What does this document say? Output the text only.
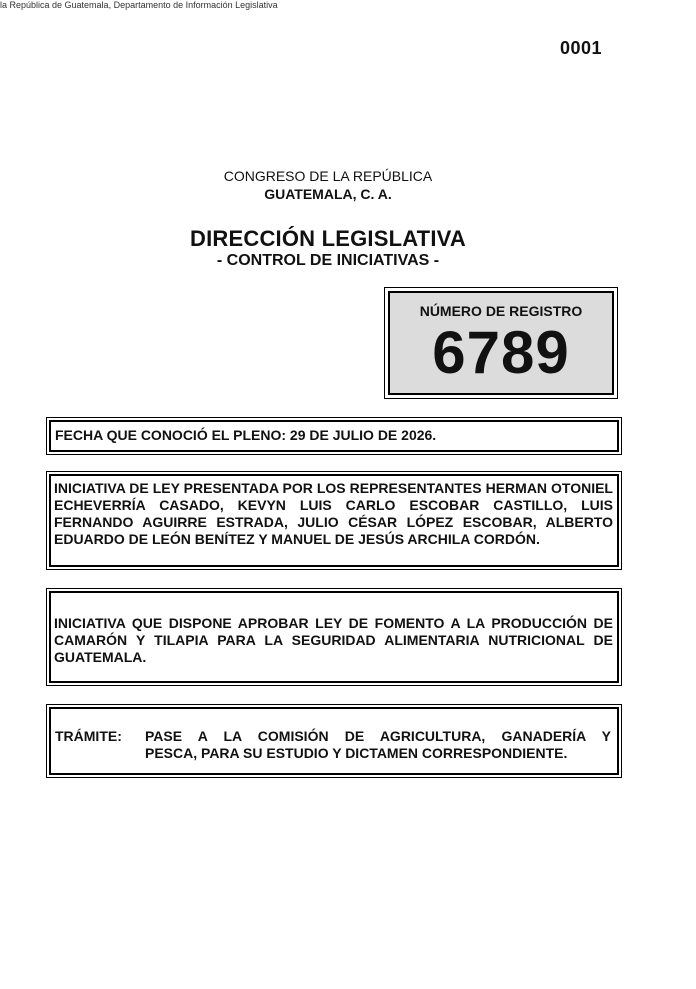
la República de Guatemala, Departamento de Información Legislativa
0001
CONGRESO DE LA REPÚBLICA
GUATEMALA, C. A.
DIRECCIÓN LEGISLATIVA
- CONTROL DE INICIATIVAS -
NÚMERO DE REGISTRO
6789
FECHA QUE CONOCIÓ EL PLENO: 29 DE JULIO DE 2026.
INICIATIVA DE LEY PRESENTADA POR LOS REPRESENTANTES HERMAN OTONIEL ECHEVERRÍA CASADO, KEVYN LUIS CARLO ESCOBAR CASTILLO, LUIS FERNANDO AGUIRRE ESTRADA, JULIO CÉSAR LÓPEZ ESCOBAR, ALBERTO EDUARDO DE LEÓN BENÍTEZ Y MANUEL DE JESÚS ARCHILA CORDÓN.
INICIATIVA QUE DISPONE APROBAR LEY DE FOMENTO A LA PRODUCCIÓN DE CAMARÓN Y TILAPIA PARA LA SEGURIDAD ALIMENTARIA NUTRICIONAL DE GUATEMALA.
TRÁMITE:	PASE A LA COMISIÓN DE AGRICULTURA, GANADERÍA Y
PESCA, PARA SU ESTUDIO Y DICTAMEN CORRESPONDIENTE.
